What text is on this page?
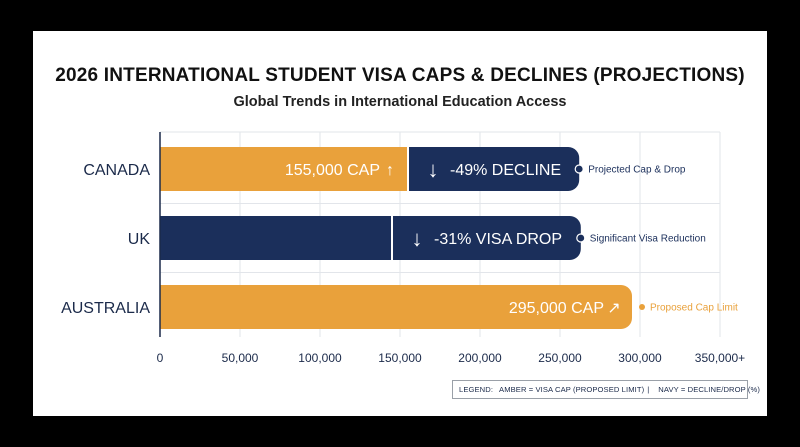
2026 INTERNATIONAL STUDENT VISA CAPS & DECLINES (PROJECTIONS)
Global Trends in International Education Access
0	50,000	100,000	150,000	200,000	250,000	300,000	350,000+
CANADA	155,000 CAP ↑ ↓ -49% DECLINE	Projected Cap & Drop
UK	↓ -31% VISA DROP	Significant Visa Reduction
AUSTRALIA	295,000 CAP ↗	Proposed Cap Limit
LEGEND: AMBER = VISA CAP (PROPOSED LIMIT) | NAVY = DECLINE/DROP (%)
